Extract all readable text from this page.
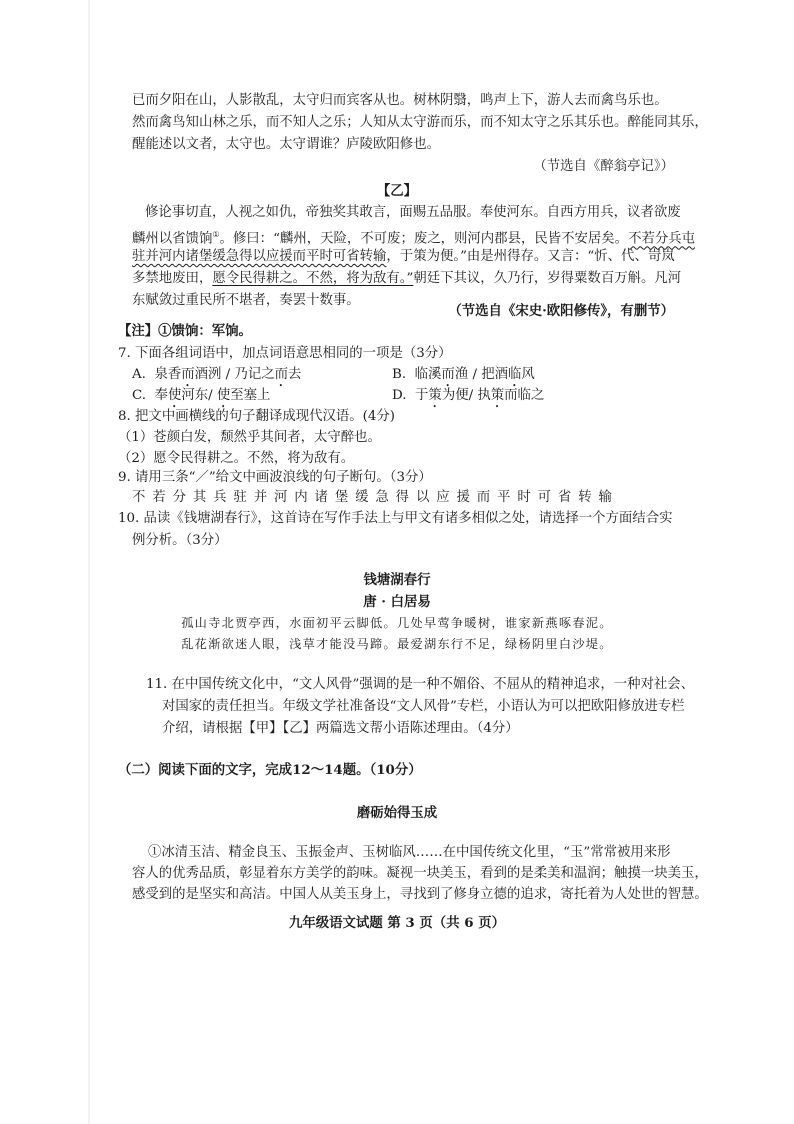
已而夕阳在山，人影散乱，太守归而宾客从也。树林阴翳，鸣声上下，游人去而禽鸟乐也。
然而禽鸟知山林之乐，而不知人之乐；人知从太守游而乐，而不知太守之乐其乐也。醉能同其乐，
醒能述以文者，太守也。太守谓谁？庐陵欧阳修也。
（节选自《醉翁亭记》）
【乙】
修论事切直，人视之如仇，帝独奖其敢言，面赐五品服。奉使河东。自西方用兵，议者欲废
麟州以省馈饷①。修曰：“麟州，天险，不可废；废之，则河内郡县，民皆不安居矣。不若分兵屯
驻并河内诸堡缓急得以应援而平时可省转输，于策为便。”由是州得存。又言：“忻、代、岢岚
多禁地废田，愿令民得耕之。不然，将为敌有。”朝廷下其议，久乃行，岁得粟数百万斛。凡河
东赋敛过重民所不堪者，奏罢十数事。
（节选自《宋史·欧阳修传》，有删节）
【注】①馈饷：军饷。
7. 下面各组词语中，加点词语意思相同的一项是（3分）
A. 泉香而酒洌 / 乃记之而去	B. 临溪而渔 / 把酒临风
C. 奉使河东/ 使至塞上	D. 于策为便/ 执策而临之
8. 把文中画横线的句子翻译成现代汉语。(4分)
（1）苍颜白发，颓然乎其间者，太守醉也。
（2）愿令民得耕之。不然，将为敌有。
9. 请用三条“／”给文中画波浪线的句子断句。（3分）
不 若 分 其 兵 驻 并 河 内 诸 堡 缓 急 得 以 应 援 而 平 时 可 省 转 输
10. 品读《钱塘湖春行》，这首诗在写作手法上与甲文有诸多相似之处，请选择一个方面结合实
例分析。（3分）
钱塘湖春行
唐 · 白居易
孤山寺北贾亭西，水面初平云脚低。几处早莺争暖树，谁家新燕啄春泥。
乱花渐欲迷人眼，浅草才能没马蹄。最爱湖东行不足，绿杨阴里白沙堤。
11. 在中国传统文化中，“文人风骨”强调的是一种不媚俗、不屈从的精神追求，一种对社会、
对国家的责任担当。年级文学社准备设“文人风骨”专栏，小语认为可以把欧阳修放进专栏
介绍，请根据【甲】【乙】两篇选文帮小语陈述理由。（4分）
（二）阅读下面的文字，完成12～14题。（10分）
磨砺始得玉成
①冰清玉洁、精金良玉、玉振金声、玉树临风……在中国传统文化里，“玉”常常被用来形
容人的优秀品质，彰显着东方美学的韵味。凝视一块美玉，看到的是柔美和温润；触摸一块美玉，
感受到的是坚实和高洁。中国人从美玉身上，寻找到了修身立德的追求，寄托着为人处世的智慧。
九年级语文试题 第 3 页（共 6 页）
